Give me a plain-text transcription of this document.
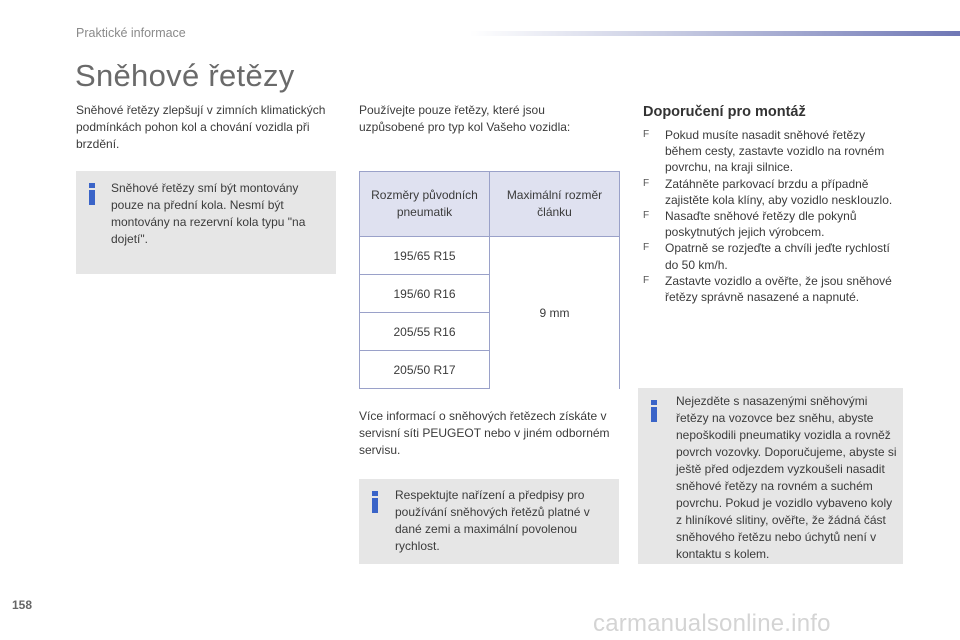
Praktické informace
Sněhové řetězy
Sněhové řetězy zlepšují v zimních klimatických podmínkách pohon kol a chování vozidla při brzdění.
Sněhové řetězy smí být montovány pouze na přední kola. Nesmí být montovány na rezervní kola typu "na dojetí".
Používejte pouze řetězy, které jsou uzpůsobené pro typ kol Vašeho vozidla:
Rozměry původních pneumatik	Maximální rozměr článku
195/65 R15	9 mm
195/60 R16	
205/55 R16	
205/50 R17	
Více informací o sněhových řetězech získáte v servisní síti PEUGEOT nebo v jiném odborném servisu.
Respektujte nařízení a předpisy pro používání sněhových řetězů platné v dané zemi a maximální povolenou rychlost.
Doporučení pro montáž
F Pokud musíte nasadit sněhové řetězy během cesty, zastavte vozidlo na rovném povrchu, na kraji silnice.
F Zatáhněte parkovací brzdu a případně zajistěte kola klíny, aby vozidlo neskIouzlo.
F Nasaďte sněhové řetězy dle pokynů poskytnutých jejich výrobcem.
F Opatrně se rozjeďte a chvíli jeďte rychlostí do 50 km/h.
F Zastavte vozidlo a ověřte, že jsou sněhové řetězy správně nasazené a napnuté.
Nejezděte s nasazenými sněhovými řetězy na vozovce bez sněhu, abyste nepoškodili pneumatiky vozidla a rovněž povrch vozovky. Doporučujeme, abyste si ještě před odjezdem vyzkoušeli nasadit sněhové řetězy na rovném a suchém povrchu. Pokud je vozidlo vybaveno koly z hliníkové slitiny, ověřte, že žádná část sněhového řetězu nebo úchytů není v kontaktu s kolem.
158
carmanualsonline.info
